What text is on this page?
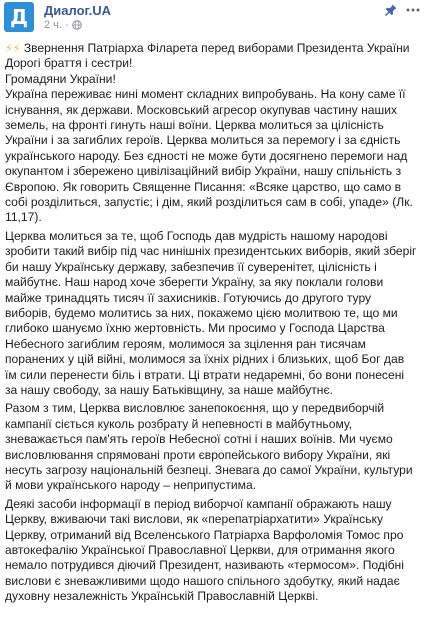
Д Диалог.UA
2 ч. ·

⚡⚡ Звернення Патріарха Філарета перед виборами Президента України

Дорогі браття і сестри!

Громадяни України!

Україна переживає нині момент складних випробувань. На кону саме її існування, як держави. Московський агресор окупував частину наших земель, на фронті гинуть наші воїни. Церква молиться за цілісність України і за загиблих героїв. Церква молиться за перемогу і за єдність українського народу. Без єдності не може бути досягнено перемоги над окупантом і збережено цивілізаційний вибір України, нашу спільність з Європою. Як говорить Священне Писання: «Всяке царство, що само в собі розділиться, запустіє; і дім, який розділиться сам в собі, упаде» (Лк. 11,17).

Церква молиться за те, щоб Господь дав мудрість нашому народові зробити такий вибір під час нинішніх президентських виборів, який зберіг би нашу Українську державу, забезпечив її суверенітет, цілісність і майбутнє. Наш народ хоче зберегти Україну, за яку поклали голови майже тринадцять тисяч її захисників. Готуючись до другого туру виборів, будемо молитись за них, покажемо цією молитвою те, що ми глибоко шануємо їхню жертовність. Ми просимо у Господа Царства Небесного загиблим героям, молимося за зцілення ран тисячам поранених у цій війні, молимося за їхніх рідних і близьких, щоб Бог дав їм сили перенести біль і втрати. Ці втрати недаремні, бо вони понесені за нашу свободу, за нашу Батьківщину, за наше майбутнє.

Разом з тим, Церква висловлює занепокоєння, що у передвиборчій кампанії сіється куколь розбрату й непевності в майбутньому, зневажається пам'ять героїв Небесної сотні і наших воїнів. Ми чуємо висловлювання спрямовані проти європейського вибору України, які несуть загрозу національній безпеці. Зневага до самої України, культури й мови українського народу – неприпустима.

Деякі засоби інформації в період виборчої кампанії ображають нашу Церкву, вживаючи такі вислови, як «перепатріархатити» Українську Церкву, отриманий від Вселенського Патріарха Варфоломія Томос про автокефалію Української Православної Церкви, для отримання якого немало потрудився діючий Президент, називають «термосом». Подібні вислови є зневажливими щодо нашого спільного здобутку, який надає духовну незалежність Українській Православній Церкві.
